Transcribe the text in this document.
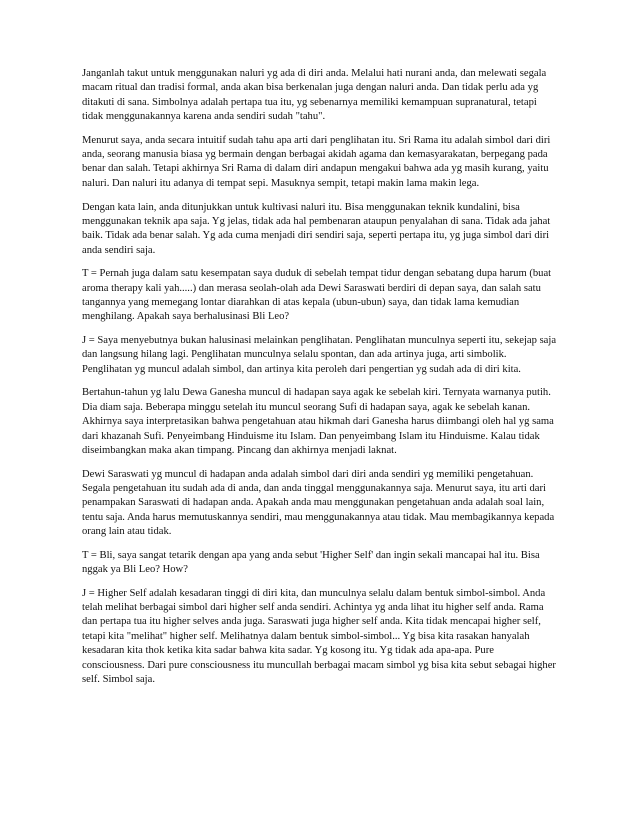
Janganlah takut untuk menggunakan naluri yg ada di diri anda. Melalui hati nurani anda, dan melewati segala macam ritual dan tradisi formal, anda akan bisa berkenalan juga dengan naluri anda. Dan tidak perlu ada yg ditakuti di sana. Simbolnya adalah pertapa tua itu, yg sebenarnya memiliki kemampuan supranatural, tetapi tidak menggunakannya karena anda sendiri sudah "tahu".

Menurut saya, anda secara intuitif sudah tahu apa arti dari penglihatan itu. Sri Rama itu adalah simbol dari diri anda, seorang manusia biasa yg bermain dengan berbagai akidah agama dan kemasyarakatan, berpegang pada benar dan salah. Tetapi akhirnya Sri Rama di dalam diri andapun mengakui bahwa ada yg masih kurang, yaitu naluri. Dan naluri itu adanya di tempat sepi. Masuknya sempit, tetapi makin lama makin lega.

Dengan kata lain, anda ditunjukkan untuk kultivasi naluri itu. Bisa menggunakan teknik kundalini, bisa menggunakan teknik apa saja. Yg jelas, tidak ada hal pembenaran ataupun penyalahan di sana. Tidak ada jahat baik. Tidak ada benar salah. Yg ada cuma menjadi diri sendiri saja, seperti pertapa itu, yg juga simbol dari diri anda sendiri saja.

T = Pernah juga dalam satu kesempatan saya duduk di sebelah tempat tidur dengan sebatang dupa harum (buat aroma therapy kali yah.....) dan merasa seolah-olah ada Dewi Saraswati berdiri di depan saya, dan salah satu tangannya yang memegang lontar diarahkan di atas kepala (ubun-ubun) saya, dan tidak lama kemudian menghilang. Apakah saya berhalusinasi Bli Leo?

J = Saya menyebutnya bukan halusinasi melainkan penglihatan. Penglihatan munculnya seperti itu, sekejap saja dan langsung hilang lagi. Penglihatan munculnya selalu spontan, dan ada artinya juga, arti simbolik. Penglihatan yg muncul adalah simbol, dan artinya kita peroleh dari pengertian yg sudah ada di diri kita.

Bertahun-tahun yg lalu Dewa Ganesha muncul di hadapan saya agak ke sebelah kiri. Ternyata warnanya putih. Dia diam saja. Beberapa minggu setelah itu muncul seorang Sufi di hadapan saya, agak ke sebelah kanan. Akhirnya saya interpretasikan bahwa pengetahuan atau hikmah dari Ganesha harus diimbangi oleh hal yg sama dari khazanah Sufi. Penyeimbang Hinduisme itu Islam. Dan penyeimbang Islam itu Hinduisme. Kalau tidak diseimbangkan maka akan timpang. Pincang dan akhirnya menjadi laknat.

Dewi Saraswati yg muncul di hadapan anda adalah simbol dari diri anda sendiri yg memiliki pengetahuan. Segala pengetahuan itu sudah ada di anda, dan anda tinggal menggunakannya saja. Menurut saya, itu arti dari penampakan Saraswati di hadapan anda. Apakah anda mau menggunakan pengetahuan anda adalah soal lain, tentu saja. Anda harus memutuskannya sendiri, mau menggunakannya atau tidak. Mau membagikannya kepada orang lain atau tidak.

T = Bli, saya sangat tetarik dengan apa yang anda sebut 'Higher Self' dan ingin sekali mancapai hal itu. Bisa nggak ya Bli Leo? How?

J = Higher Self adalah kesadaran tinggi di diri kita, dan munculnya selalu dalam bentuk simbol-simbol. Anda telah melihat berbagai simbol dari higher self anda sendiri. Achintya yg anda lihat itu higher self anda. Rama dan pertapa tua itu higher selves anda juga. Saraswati juga higher self anda. Kita tidak mencapai higher self, tetapi kita "melihat" higher self. Melihatnya dalam bentuk simbol-simbol... Yg bisa kita rasakan hanyalah kesadaran kita thok ketika kita sadar bahwa kita sadar. Yg kosong itu. Yg tidak ada apa-apa. Pure consciousness. Dari pure consciousness itu muncullah berbagai macam simbol yg bisa kita sebut sebagai higher self. Simbol saja.
